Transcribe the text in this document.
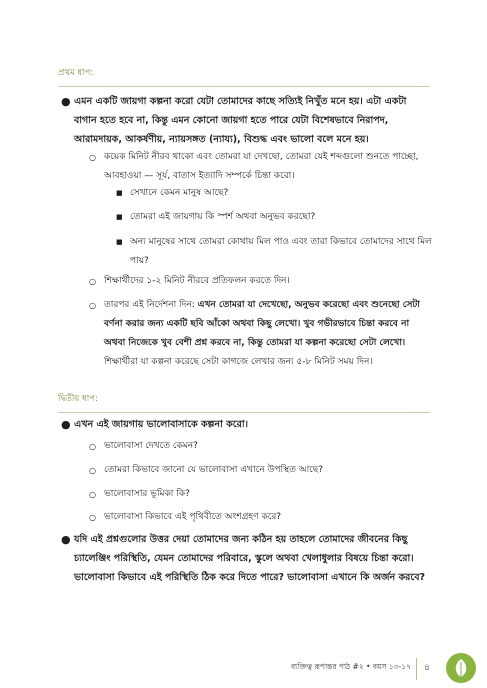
প্রথম ধাপ:
● এমন একটি জায়গা কল্পনা করো যেটা তোমাদের কাছে সত্যিই নিখুঁত মনে হয়। এটা একটা বাগান হতে হবে না, কিন্তু এমন কোনো জায়গা হতে পারে যেটা বিশেষভাবে নিরাপদ, আরামদায়ক, আকর্ষণীয়, ন্যায়সঙ্গত (ন্যায্য), বিশুদ্ধ এবং ভালো বলে মনে হয়।
○ কয়েক মিনিট নীরব থাকো এবং তোমরা যা দেখছো, তোমরা যেই শব্দগুলো শুনতে পাচ্ছো, আবহাওয়া — সূর্য, বাতাস ইত্যাদি সম্পর্কে চিন্তা করো।
■ সেখানে কেমন মানুষ আছে?
■ তোমরা এই জায়গায় কি স্পর্শ অথবা অনুভব করছো?
■ অন্য মানুষের সাথে তোমরা কোথায় মিল পাও এবং তারা কিভাবে তোমাদের সাথে মিল পায়?
○ শিক্ষার্থীদের ১-২ মিনিট নীরবে প্রতিফলন করতে দিন।
○ তারপর এই নির্দেশনা দিন: এখন তোমরা যা দেখেছো, অনুভব করেছো এবং শুনেছো সেটা বর্ণনা করার জন্য একটি ছবি আঁকো অথবা কিছু লেখো। খুব গভীরভাবে চিন্তা করবে না অথবা নিজেকে খুব বেশী প্রশ্ন করবে না, কিন্তু তোমরা যা কল্পনা করেছো সেটা লেখো। শিক্ষার্থীরা যা কল্পনা করেছে সেটা কাগজে লেখার জন্য ৫-৮ মিনিট সময় দিন।
দ্বিতীয় ধাপ:
● এখন এই জায়গায় ভালোবাসাকে কল্পনা করো।
○ ভালোবাসা দেখতে কেমন?
○ তোমরা কিভাবে জানো যে ভালোবাসা এখানে উপস্থিত আছে?
○ ভালোবাসার ভূমিকা কি?
○ ভালোবাসা কিভাবে এই পৃথিবীতে অংশগ্রহণ করে?
● যদি এই প্রশ্নগুলোর উত্তর দেয়া তোমাদের জন্য কঠিন হয় তাহলে তোমাদের জীবনের কিছু চ্যালেঞ্জিং পরিস্থিতি, যেমন তোমাদের পরিবারে, স্কুলে অথবা খেলাধুলার বিষয়ে চিন্তা করো। ভালোবাসা কিভাবে এই পরিস্থিতি ঠিক করে দিতে পারে? ভালোবাসা এখানে কি অর্জন করবে?
ব্যক্তিত্ব রূপান্তর পাঠ #২ • বয়স ১৩-১৭ ৪
